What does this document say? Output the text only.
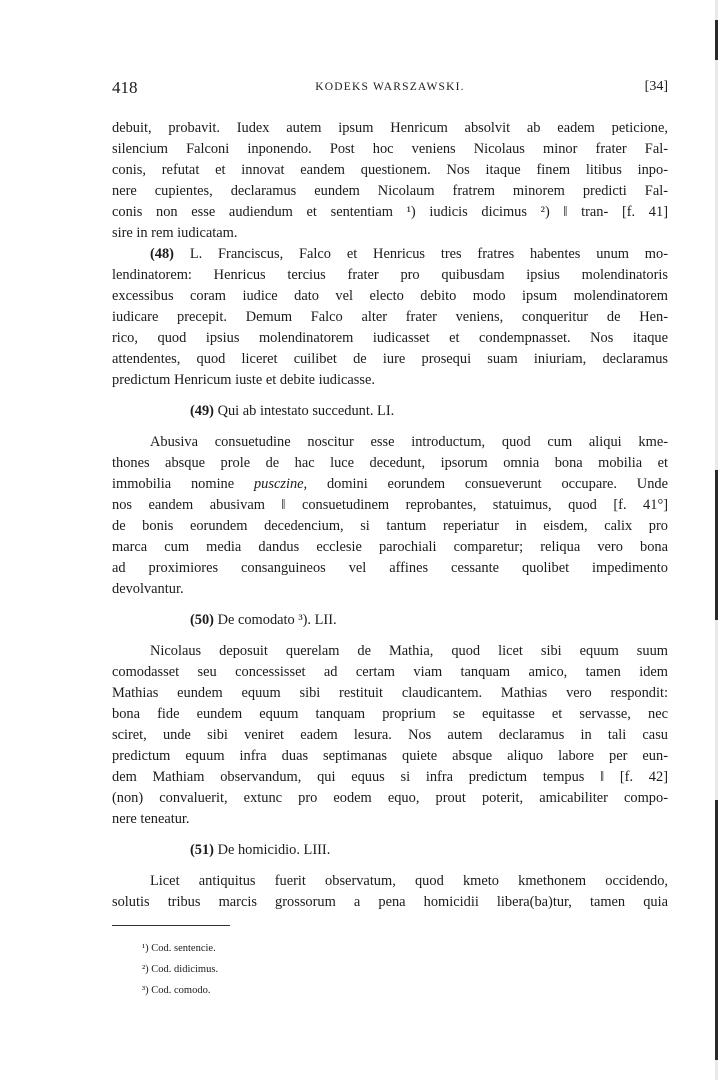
418	KODEKS WARSZAWSKI.	[34]

debuit, probavit. Iudex autem ipsum Henricum absolvit ab eadem peticione,

silencium Falconi inponendo. Post hoc veniens Nicolaus minor frater Fal-

conis, refutat et innovat eandem questionem. Nos itaque finem litibus inpo-

nere cupientes, declaramus eundem Nicolaum fratrem minorem predicti Fal-

conis non esse audiendum et sententiam ¹) iudicis dicimus ²) ‖ tran- [f. 41]

sire in rem iudicatam.

(48) L. Franciscus, Falco et Henricus tres fratres habentes unum mo-

lendinatorem: Henricus tercius frater pro quibusdam ipsius molendinatoris

excessibus coram iudice dato vel electo debito modo ipsum molendinatorem

iudicare precepit. Demum Falco alter frater veniens, conqueritur de Hen-

rico, quod ipsius molendinatorem iudicasset et condempnasset. Nos itaque

attendentes, quod liceret cuilibet de iure prosequi suam iniuriam, declaramus

predictum Henricum iuste et debite iudicasse.

(49) Qui ab intestato succedunt. LI.

Abusiva consuetudine noscitur esse introductum, quod cum aliqui kme-

thones absque prole de hac luce decedunt, ipsorum omnia bona mobilia et

immobilia nomine pusczine, domini eorundem consueverunt occupare. Unde

nos eandem abusivam ‖ consuetudinem reprobantes, statuimus, quod [f. 41°]

de bonis eorundem decedencium, si tantum reperiatur in eisdem, calix pro

marca cum media dandus ecclesie parochiali comparetur; reliqua vero bona

ad proximiores consanguineos vel affines cessante quolibet impedimento

devolvantur.

(50) De comodato ³). LII.

Nicolaus deposuit querelam de Mathia, quod licet sibi equum suum

comodasset seu concessisset ad certam viam tanquam amico, tamen idem

Mathias eundem equum sibi restituit claudicantem. Mathias vero respondit:

bona fide eundem equum tanquam proprium se equitasse et servasse, nec

sciret, unde sibi veniret eadem lesura. Nos autem declaramus in tali casu

predictum equum infra duas septimanas quiete absque aliquo labore per eun-

dem Mathiam observandum, qui equus si infra predictum tempus ‖ [f. 42]

(non) convaluerit, extunc pro eodem equo, prout poterit, amicabiliter compo-

nere teneatur.

(51) De homicidio. LIII.

Licet antiquitus fuerit observatum, quod kmeto kmethonem occidendo,

solutis tribus marcis grossorum a pena homicidii libera(ba)tur, tamen quia

¹) Cod. sentencie.

²) Cod. didicimus.

³) Cod. comodo.
